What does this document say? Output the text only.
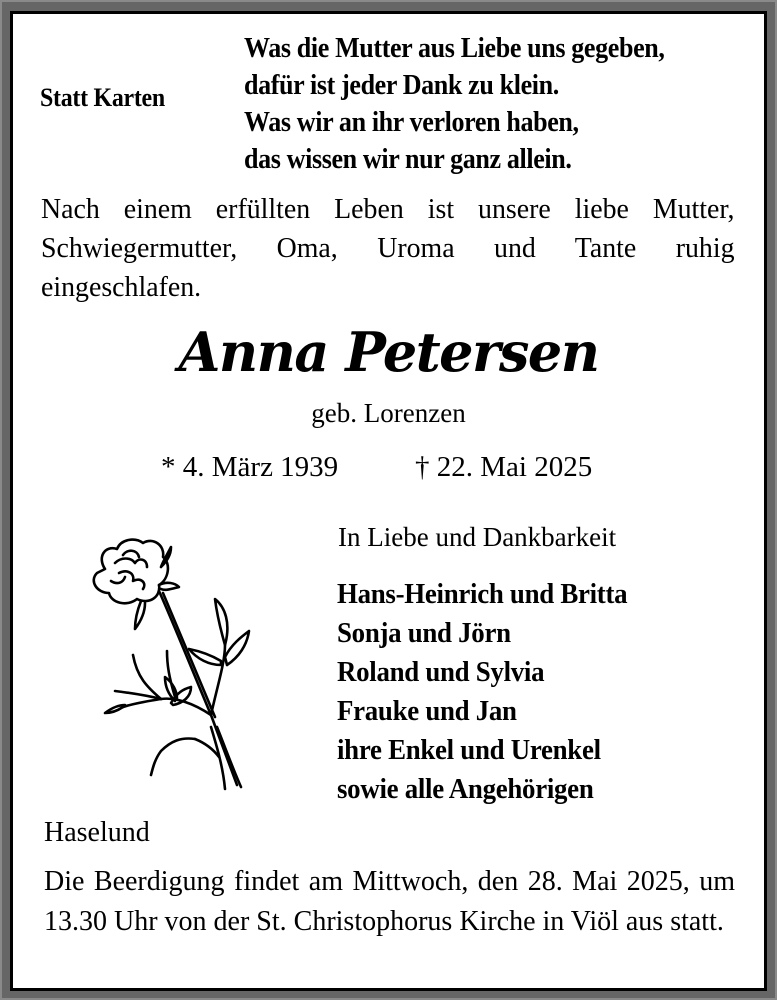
Statt Karten
Was die Mutter aus Liebe uns gegeben,
dafür ist jeder Dank zu klein.
Was wir an ihr verloren haben,
das wissen wir nur ganz allein.
Nach einem erfüllten Leben ist unsere liebe Mutter, Schwiegermutter, Oma, Uroma und Tante ruhig eingeschlafen.
Anna Petersen
geb. Lorenzen
* 4. März 1939	† 22. Mai 2025
In Liebe und Dankbarkeit
Hans-Heinrich und Britta
Sonja und Jörn
Roland und Sylvia
Frauke und Jan
ihre Enkel und Urenkel
sowie alle Angehörigen
Haselund
Die Beerdigung findet am Mittwoch, den 28. Mai 2025, um 13.30 Uhr von der St. Christophorus Kirche in Viöl aus statt.
